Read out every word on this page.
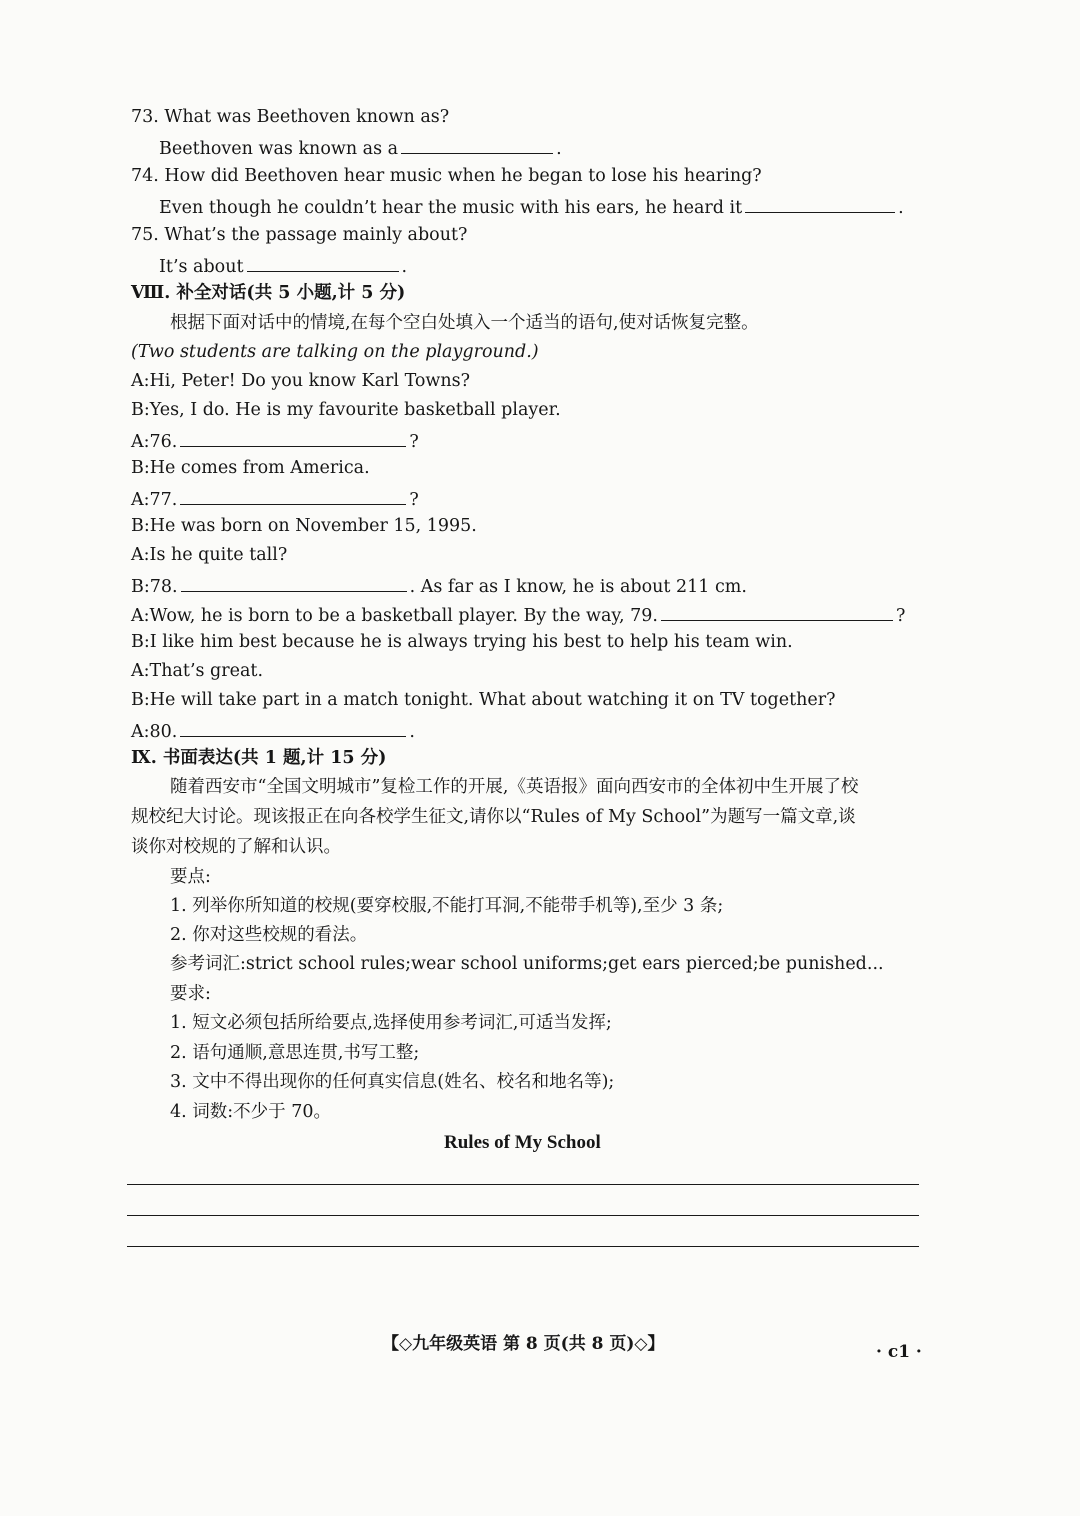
73. What was Beethoven known as?
Beethoven was known as a	.
74. How did Beethoven hear music when he began to lose his hearing?
Even though he couldn’t hear the music with his ears, he heard it	.
75. What’s the passage mainly about?
It’s about	.
Ⅷ. 补全对话(共 5 小题,计 5 分)
根据下面对话中的情境,在每个空白处填入一个适当的语句,使对话恢复完整。
(Two students are talking on the playground.)
A:Hi, Peter! Do you know Karl Towns?
B:Yes, I do. He is my favourite basketball player.
A:76.	?
B:He comes from America.
A:77.	?
B:He was born on November 15, 1995.
A:Is he quite tall?
B:78.	. As far as I know, he is about 211 cm.
A:Wow, he is born to be a basketball player. By the way, 79.	?
B:I like him best because he is always trying his best to help his team win.
A:That’s great.
B:He will take part in a match tonight. What about watching it on TV together?
A:80.	.
Ⅸ. 书面表达(共 1 题,计 15 分)
随着西安市“全国文明城市”复检工作的开展,《英语报》面向西安市的全体初中生开展了校
规校纪大讨论。现该报正在向各校学生征文,请你以“Rules of My School”为题写一篇文章,谈
谈你对校规的了解和认识。
要点:
1. 列举你所知道的校规(要穿校服,不能打耳洞,不能带手机等),至少 3 条;
2. 你对这些校规的看法。
参考词汇:strict school rules;wear school uniforms;get ears pierced;be punished...
要求:
1. 短文必须包括所给要点,选择使用参考词汇,可适当发挥;
2. 语句通顺,意思连贯,书写工整;
3. 文中不得出现你的任何真实信息(姓名、校名和地名等);
4. 词数:不少于 70。
Rules of My School
【◇九年级英语 第 8 页(共 8 页)◇】	· c1 ·
